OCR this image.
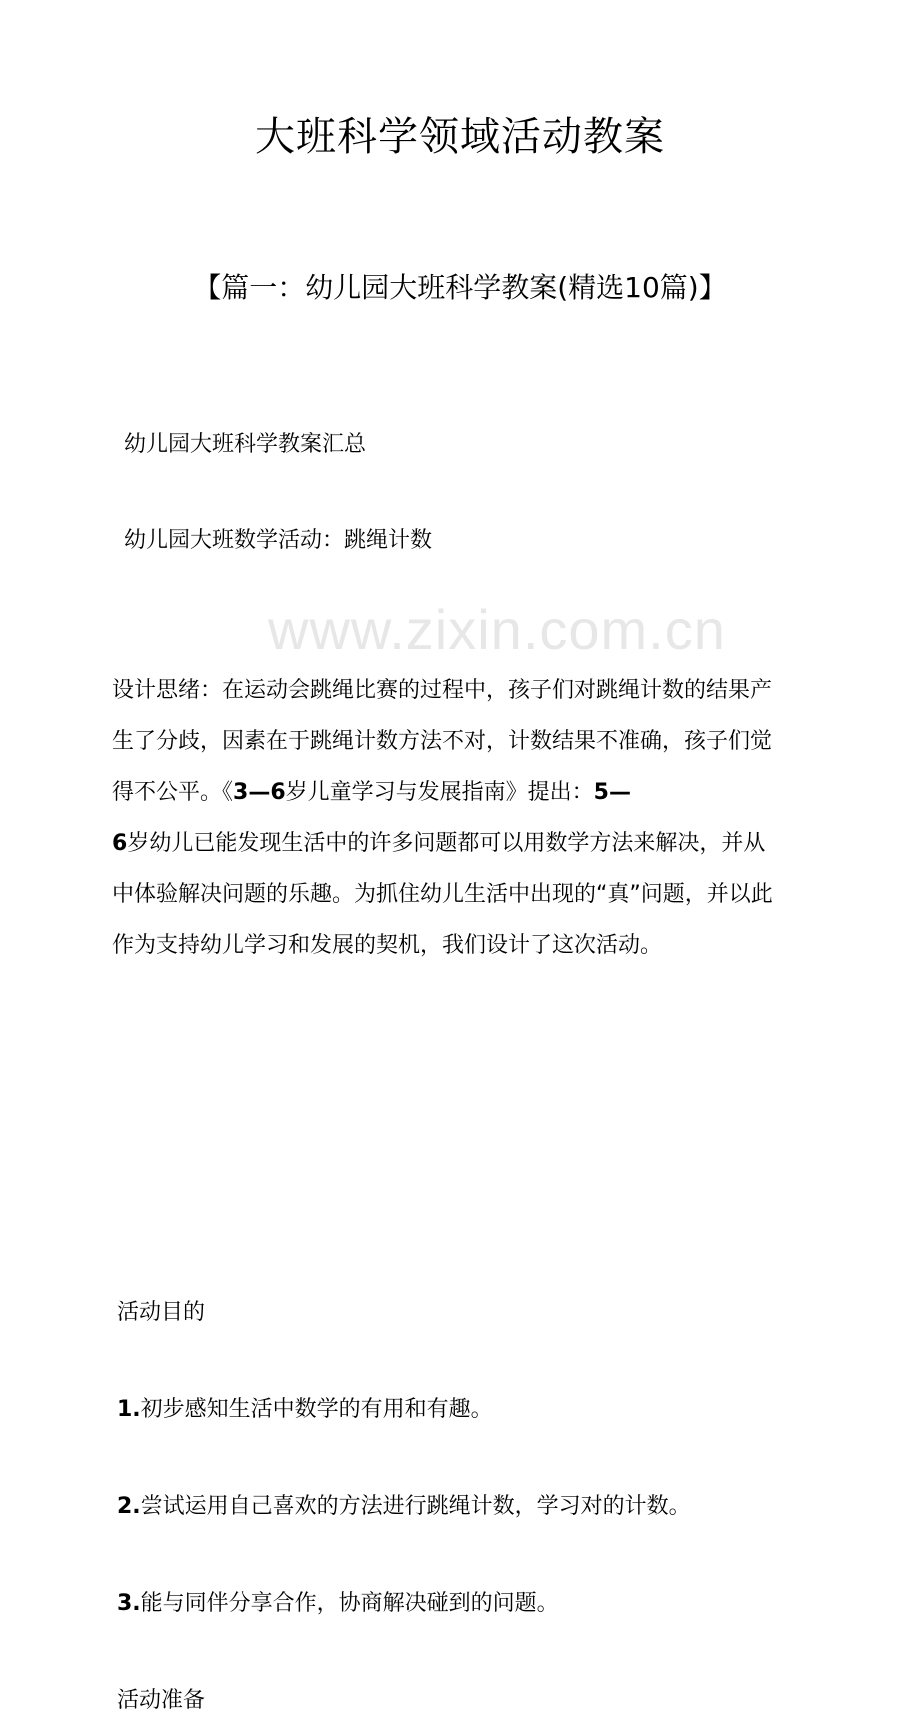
www.zixin.com.cn
大班科学领域活动教案
【篇一：幼儿园大班科学教案(精选10篇)】

幼儿园大班科学教案汇总

幼儿园大班数学活动：跳绳计数

设计思绪：在运动会跳绳比赛的过程中，孩子们对跳绳计数的结果产
生了分歧，因素在于跳绳计数方法不对，计数结果不准确，孩子们觉
得不公平。《3—6岁儿童学习与发展指南》提出：5—
6岁幼儿已能发现生活中的许多问题都可以用数学方法来解决，并从
中体验解决问题的乐趣。为抓住幼儿生活中出现的“真”问题，并以此
作为支持幼儿学习和发展的契机，我们设计了这次活动。

活动目的

1.初步感知生活中数学的有用和有趣。

2.尝试运用自己喜欢的方法进行跳绳计数，学习对的计数。

3.能与同伴分享合作，协商解决碰到的问题。

活动准备
